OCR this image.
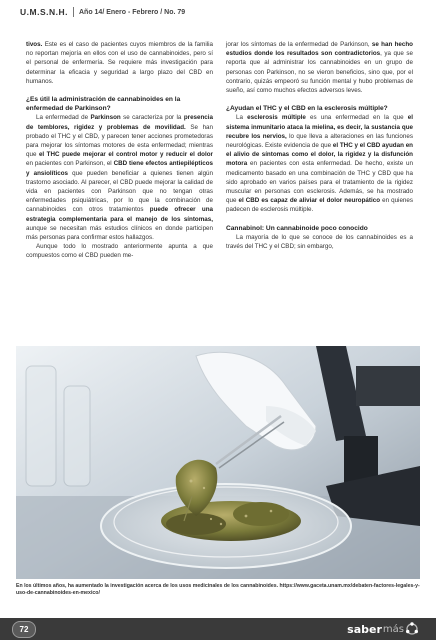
U.M.S.N.H. Año 14/ Enero - Febrero / No. 79

tivos. Este es el caso de pacientes cuyos miembros de la familia no reportan mejoría en ellos con el uso de cannabinoides, pero sí el personal de enfermería. Se requiere más investigación para determinar la eficacia y seguridad a largo plazo del CBD en humanos.

¿Es útil la administración de cannabinoides en la enfermedad de Parkinson?

La enfermedad de Parkinson se caracteriza por la presencia de temblores, rigidez y problemas de movilidad. Se han probado el THC y el CBD, y parecen tener acciones prometedoras para mejorar los síntomas motores de esta enfermedad; mientras que el THC puede mejorar el control motor y reducir el dolor en pacientes con Parkinson, el CBD tiene efectos antiepilépticos y ansiolíticos que pueden beneficiar a quienes tienen algún trastorno asociado. Al parecer, el CBD puede mejorar la calidad de vida en pacientes con Parkinson que no tengan otras enfermedades psiquiátricas, por lo que la combinación de cannabinoides con otros tratamientos puede ofrecer una estrategia complementaria para el manejo de los síntomas, aunque se necesitan más estudios clínicos en donde participen más personas para confirmar estos hallazgos.

Aunque todo lo mostrado anteriormente apunta a que compuestos como el CBD pueden me-

jorar los síntomas de la enfermedad de Parkinson, se han hecho estudios donde los resultados son contradictorios, ya que se reporta que al administrar los cannabinoides en un grupo de personas con Parkinson, no se vieron beneficios, sino que, por el contrario, quizás empeoró su función mental y hubo problemas de sueño, así como muchos efectos adversos leves.

¿Ayudan el THC y el CBD en la esclerosis múltiple?

La esclerosis múltiple es una enfermedad en la que el sistema inmunitario ataca la mielina, es decir, la sustancia que recubre los nervios, lo que lleva a alteraciones en las funciones neurológicas. Existe evidencia de que el THC y el CBD ayudan en el alivio de síntomas como el dolor, la rigidez y la disfunción motora en pacientes con esta enfermedad. De hecho, existe un medicamento basado en una combinación de THC y CBD que ha sido aprobado en varios países para el tratamiento de la rigidez muscular en personas con esclerosis. Además, se ha mostrado que el CBD es capaz de aliviar el dolor neuropático en quienes padecen de esclerosis múltiple.

Cannabinol: Un cannabinoide poco conocido

La mayoría de lo que se conoce de los cannabinoides es a través del THC y el CBD; sin embargo,

En los últimos años, ha aumentado la investigación acerca de los usos medicinales de los cannabinoides. https://www.gaceta.unam.mx/debaten-factores-legales-y-uso-de-cannabinoides-en-mexico/
72	saber más
